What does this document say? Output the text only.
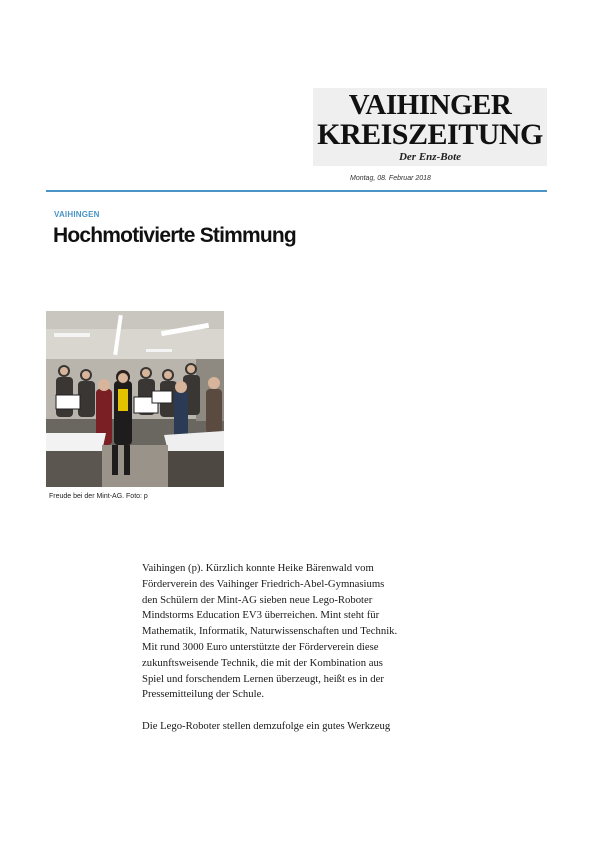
VAIHINGER
KREISZEITUNG
Der Enz-Bote
Montag, 08. Februar 2018
VAIHINGEN
Hochmotivierte Stimmung
Freude bei der Mint-AG. Foto: p

Vaihingen (p). Kürzlich konnte Heike Bärenwald vom
Förderverein des Vaihinger Friedrich-Abel-Gymnasiums
den Schülern der Mint-AG sieben neue Lego-Roboter
Mindstorms Education EV3 überreichen. Mint steht für
Mathematik, Informatik, Naturwissenschaften und Technik.
Mit rund 3000 Euro unterstützte der Förderverein diese
zukunftsweisende Technik, die mit der Kombination aus
Spiel und forschendem Lernen überzeugt, heißt es in der
Pressemitteilung der Schule.

Die Lego-Roboter stellen demzufolge ein gutes Werkzeug
